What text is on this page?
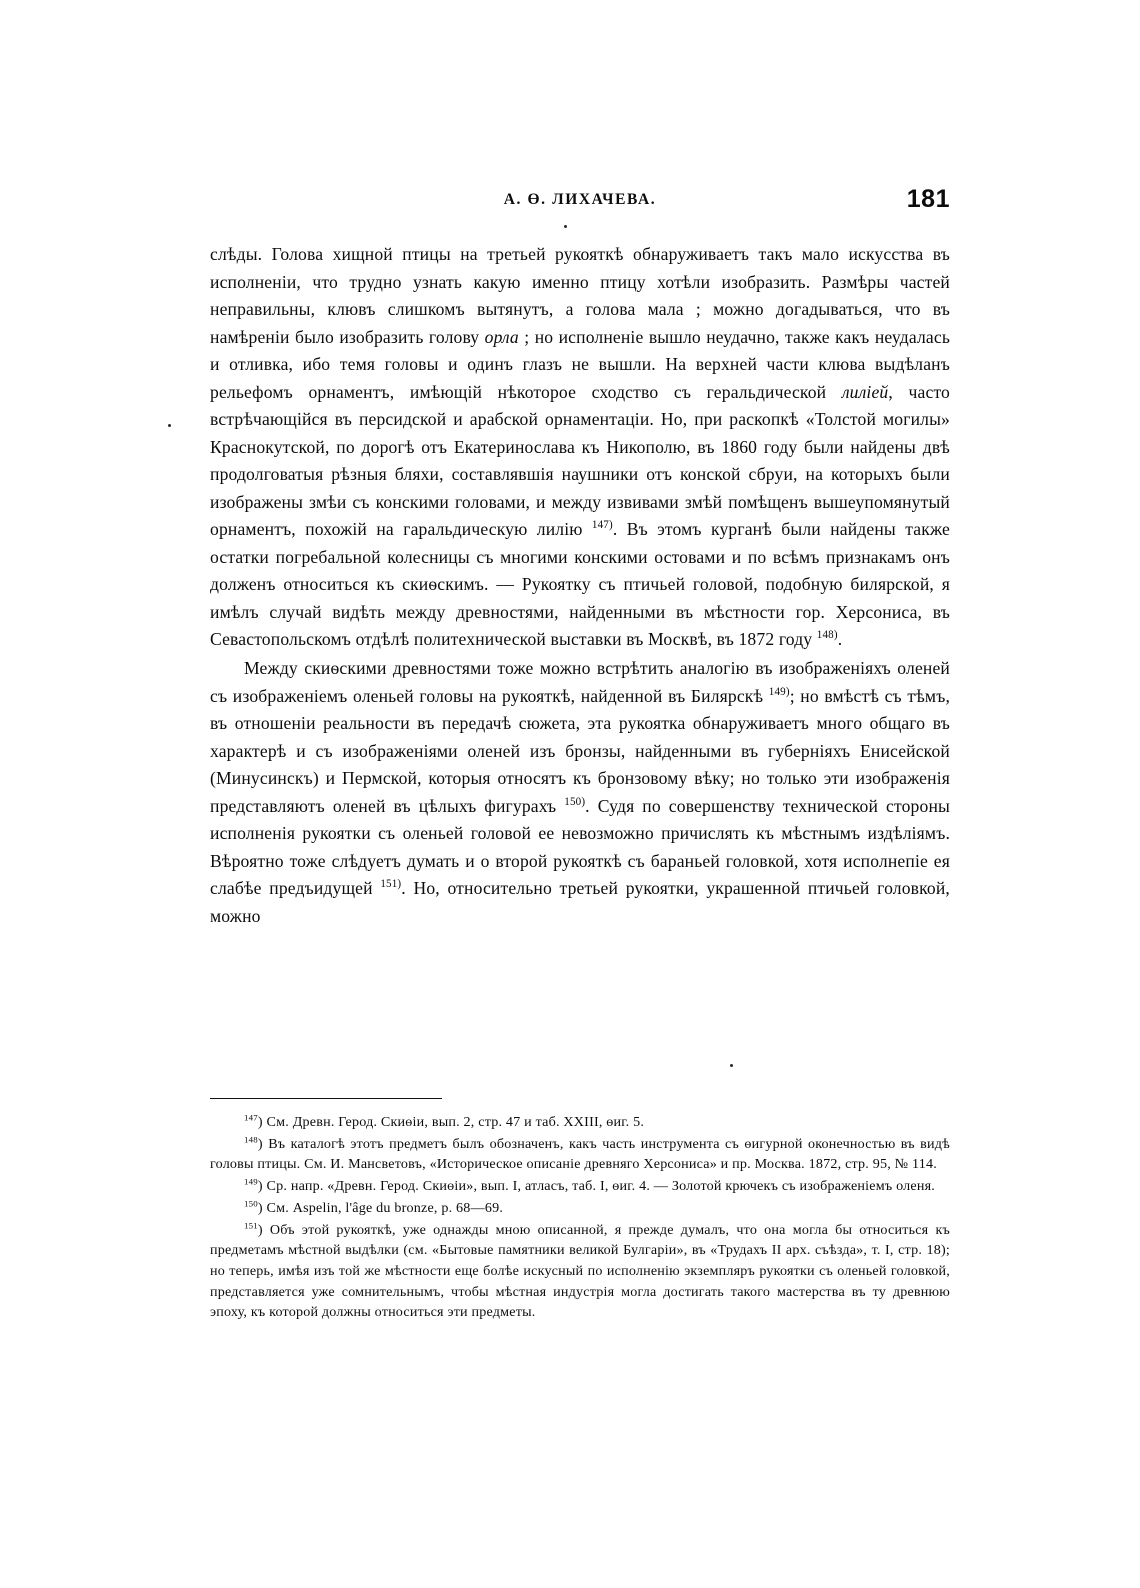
А. Ө. ЛИХАЧЕВА.	181

слѣды. Голова хищной птицы на третьей рукояткѣ обнаруживаетъ такъ мало искусства въ исполненіи, что трудно узнать какую именно птицу хотѣли изобразить. Размѣры частей неправильны, клювъ слишкомъ вытянутъ, а голова мала ; можно догадываться, что въ намѣреніи было изобразить голову орла ; но исполненіе вышло неудачно, также какъ неудалась и отливка, ибо темя головы и одинъ глазъ не вышли. На верхней части клюва выдѣланъ рельефомъ орнаментъ, имѣющій нѣкоторое сходство съ геральдической лиліей, часто встрѣчающійся въ персидской и арабской орнаментаціи. Но, при раскопкѣ «Толстой могилы» Краснокутской, по дорогѣ отъ Екатеринослава къ Никополю, въ 1860 году были найдены двѣ продолговатыя рѣзныя бляхи, составлявшія наушники отъ конской сбруи, на которыхъ были изображены змѣи съ конскими головами, и между извивами змѣй помѣщенъ вышеупомянутый орнаментъ, похожій на гаральдическую лилію $^{147)}$. Въ этомъ курганѣ были найдены также остатки погребальной колесницы съ многими конскими остовами и по всѣмъ признакамъ онъ долженъ относиться къ скиѳскимъ. — Рукоятку съ птичьей головой, подобную билярской, я имѣлъ случай видѣть между древностями, найденными въ мѣстности гор. Херсониса, въ Севастопольскомъ отдѣлѣ политехнической выставки въ Москвѣ, въ 1872 году $^{148)}$.

Между скиѳскими древностями тоже можно встрѣтить аналогію въ изображеніяхъ оленей съ изображеніемъ оленьей головы на рукояткѣ, найденной въ Билярскѣ $^{149)}$; но вмѣстѣ съ тѣмъ, въ отношеніи реальности въ передачѣ сюжета, эта рукоятка обнаруживаетъ много общаго въ характерѣ и съ изображеніями оленей изъ бронзы, найденными въ губерніяхъ Енисейской (Минусинскъ) и Пермской, которыя относятъ къ бронзовому вѣку; но только эти изображенія представляютъ оленей въ цѣлыхъ фигурахъ $^{150)}$. Судя по совершенству технической стороны исполненія рукоятки съ оленьей головой ее невозможно причислять къ мѣстнымъ издѣліямъ. Вѣроятно тоже слѣдуетъ думать и о второй рукояткѣ съ бараньей головкой, хотя исполнепіе ея слабѣе предъидущей $^{151)}$. Но, относительно третьей рукоятки, украшенной птичьей головкой, можно

$^{147}$) См. Древн. Герод. Скиѳіи, вып. 2, стр. 47 и таб. XXIII, ѳиг. 5.

$^{148}$) Въ каталогѣ этотъ предметъ былъ обозначенъ, какъ часть инструмента съ ѳигурной оконечностью въ видѣ головы птицы. См. И. Мансветовъ, «Историческое описаніе древняго Херсониса» и пр. Москва. 1872, стр. 95, № 114.

$^{149}$) Ср. напр. «Древн. Герод. Скиѳіи», вып. I, атласъ, таб. I, ѳиг. 4. — Золотой крючекъ съ изображеніемъ оленя.

$^{150}$) См. Aspelin, l'âge du bronze, p. 68—69.

$^{151}$) Объ этой рукояткѣ, уже однажды мною описанной, я прежде думалъ, что она могла бы относиться къ предметамъ мѣстной выдѣлки (см. «Бытовые памятники великой Булгаріи», въ «Трудахъ II арх. съѣзда», т. I, стр. 18); но теперь, имѣя изъ той же мѣстности еще болѣе искусный по исполненію экземпляръ рукоятки съ оленьей головкой, представляется уже сомнительнымъ, чтобы мѣстная индустрія могла достигать такого мастерства въ ту древнюю эпоху, къ которой должны относиться эти предметы.
